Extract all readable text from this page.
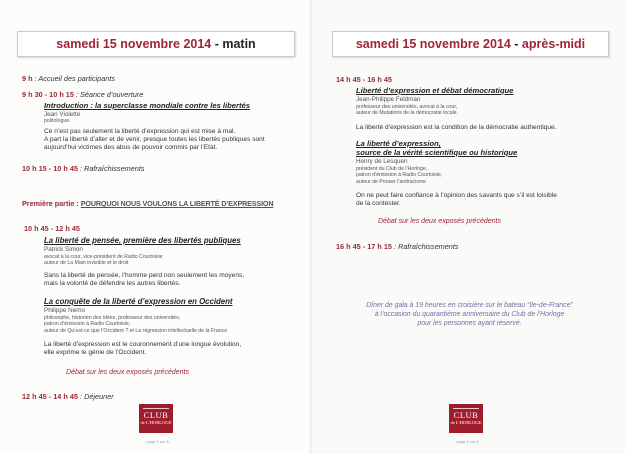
samedi 15 novembre 2014 - matin
9 h : Accueil des participants
9 h 30 - 10 h 15 : Séance d’ouverture
Introduction : la superclasse mondiale contre les libertés
Jean Violette
politologue.
Ce n’est pas seulement la liberté d’expression qui est mise à mal.
A part la liberté d’aller et de venir, presque toutes les libertés publiques sont
aujourd’hui victimes des abus de pouvoir commis par l’Etat.
10 h 15 - 10 h 45 : Rafraîchissements
Première partie : POURQUOI NOUS VOULONS LA LIBERTÉ D’EXPRESSION
10 h 45 - 12 h 45
La liberté de pensée, première des libertés publiques
Patrick Simon
avocat à la cour, vice-président de Radio Courtoisie
auteur de La Main invisible et le droit
Sans la liberté de pensée, l’homme perd non seulement les moyens,
mais la volonté de défendre les autres libertés.
La conquête de la liberté d’expression en Occident
Philippe Nemo
philosophe, historien des idées, professeur des universités,
patron d’émission à Radio Courtoisie,
auteur de Qu’est-ce que l’Occident ? et La régression intellectuelle de la France
La liberté d’expression est le couronnement d’une longue évolution,
elle exprime le génie de l’Occident.
Débat sur les deux exposés précédents
12 h 45 - 14 h 45 : Déjeuner
CLUB
de L'HORLOGE
- page 1 sur 6 -
samedi 15 novembre 2014 - après-midi
14 h 45 - 16 h 45
Liberté d’expression et débat démocratique
Jean-Philippe Feldman
professeur des universités, avocat à la cour,
auteur de Mutations de la démocratie locale
La liberté d’expression est la condition de la démocratie authentique.
La liberté d’expression,
source de la vérité scientifique ou historique
Henry de Lesquen
président du Club de l’Horloge,
patron d’émission à Radio Courtoisie,
auteur de Penser l’antiracisme
On ne peut faire confiance à l’opinion des savants que s’il est loisible
de la contester.
Débat sur les deux exposés précédents
16 h 45 - 17 h 15 : Rafraîchissements
Dîner de gala à 19 heures en croisière sur le bateau “Ile-de-France”
à l’occasion du quarantième anniversaire du Club de l’Horloge
pour les personnes ayant réservé.
CLUB
de L'HORLOGE
- page 2 sur 6 -
